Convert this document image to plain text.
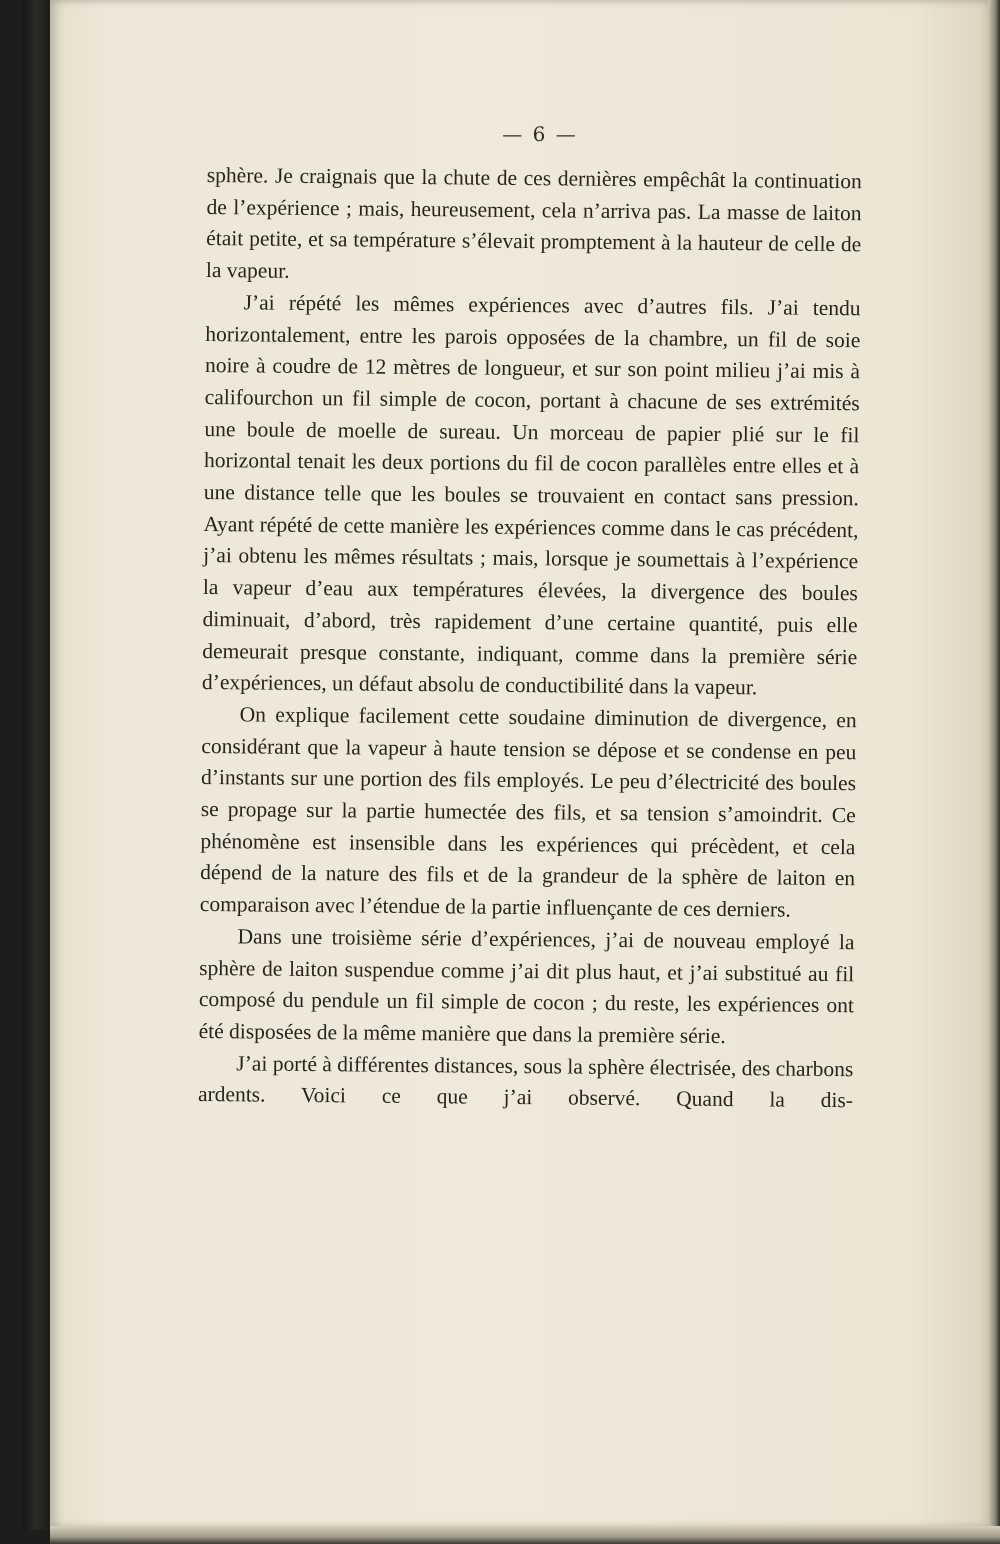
— 6 —

sphère. Je craignais que la chute de ces dernières empêchât la continuation de l’expérience ; mais, heureusement, cela n’arriva pas. La masse de laiton était petite, et sa température s’élevait promptement à la hauteur de celle de la vapeur.

J’ai répété les mêmes expériences avec d’autres fils. J’ai tendu horizontalement, entre les parois opposées de la chambre, un fil de soie noire à coudre de 12 mètres de longueur, et sur son point milieu j’ai mis à califourchon un fil simple de cocon, portant à chacune de ses extrémités une boule de moelle de sureau. Un morceau de papier plié sur le fil horizontal tenait les deux portions du fil de cocon parallèles entre elles et à une distance telle que les boules se trouvaient en contact sans pression. Ayant répété de cette manière les expériences comme dans le cas précédent, j’ai obtenu les mêmes résultats ; mais, lorsque je soumettais à l’expérience la vapeur d’eau aux températures élevées, la divergence des boules diminuait, d’abord, très rapidement d’une certaine quantité, puis elle demeurait presque constante, indiquant, comme dans la première série d’expériences, un défaut absolu de conductibilité dans la vapeur.

On explique facilement cette soudaine diminution de divergence, en considérant que la vapeur à haute tension se dépose et se condense en peu d’instants sur une portion des fils employés. Le peu d’électricité des boules se propage sur la partie humectée des fils, et sa tension s’amoindrit. Ce phénomène est insensible dans les expériences qui précèdent, et cela dépend de la nature des fils et de la grandeur de la sphère de laiton en comparaison avec l’étendue de la partie influençante de ces derniers.

Dans une troisième série d’expériences, j’ai de nouveau employé la sphère de laiton suspendue comme j’ai dit plus haut, et j’ai substitué au fil composé du pendule un fil simple de cocon ; du reste, les expériences ont été disposées de la même manière que dans la première série.

J’ai porté à différentes distances, sous la sphère électrisée, des charbons ardents. Voici ce que j’ai observé. Quand la dis-
